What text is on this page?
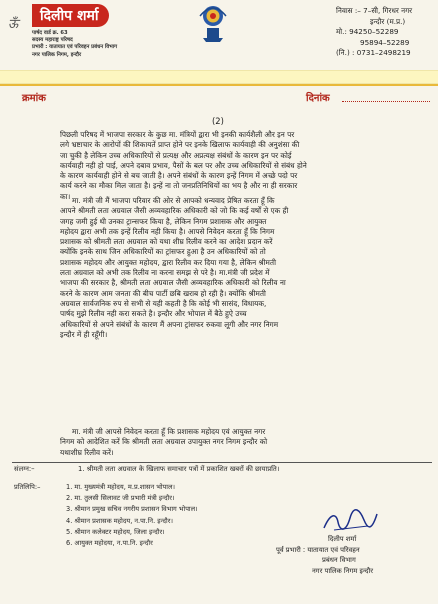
ऊँ
दिलीप शर्मा
पार्षद वार्ड क्र. 63
सदस्य महाराष्ट्र परिषद
प्रभारी : यातायात एवं परिवहन प्रबंधन विभाग
नगर पालिक निगम, इन्दौर
निवास :– 7–सी, गिरधर नगर
इन्दौर (म.प्र.)
मो.: 94250–52289
95894–52289
(नि.) : 0731–2498219
क्रमांक	दिनांक
(2)
पिछली परिषद में भाजपा सरकार के कुछ मा. मंत्रियों द्वारा भी इनकी कार्यशैली और इन पर
लगे भ्रष्टाचार के आरोपों की शिकायतें प्राप्त होने पर इनके खिलाफ कार्यवाही की अनुशंसा की
जा चुकी है लेकिन उच्च अधिकारियों से प्रत्यक्ष और अप्रत्यक्ष संबंधों के कारण इन पर कोई
कार्यवाही नही हो पाई, अपने दबाव प्रभाव, पैसों के बल पर और उच्च अधिकारियों से संबंध होने
के कारण कार्यवाही होने से बच जाती है। अपने संबंधों के कारण इन्हें निगम में अच्छे पदो पर
कार्य करने का मौका मिल जाता है। इन्हें ना तो जनप्रतिनिधियों का भय है और ना ही सरकार
का। मा. मंत्री जी मैं भाजपा परिवार की ओर से आपको धन्यवाद प्रेषित करता हूँ कि
आपने श्रीमती लता अग्रवाल जैसी अव्यवहारिक अधिकारी को जो कि कई वर्षों से एक ही
जगह जमी हुई थी उनका ट्रान्सफर किया है, लेकिन निगम प्रशासक और आयुक्त
महोदय द्वारा अभी तक इन्हें रिलीव नही किया है। आपसे निवेदन करता हूँ कि निगम
प्रशासक को श्रीमती लता अग्रवाल को यथा शीघ्र रिलीव करने का आदेश प्रदान करें
क्योंकि इनके साथ जिन अधिकारियों का ट्रांसफर हुआ है उन अधिकारियों को तो
प्रशासक महोदय और आयुक्त महोदय, द्वारा रिलीव कर दिया गया है, लेकिन श्रीमती
लता अग्रवाल को अभी तक रिलीव ना करना समझ से परे है। मा.मंत्री जी प्रदेश में
भाजपा की सरकार है, श्रीमती लता अग्रवाल जैसी अव्यवहारिक अधिकारी को रिलीव ना
करने के कारण आम जनता की बीच पार्टी छबि खराब हो रही है। क्योंकि श्रीमती
अग्रवाल सार्वजनिक रुप से सभी से यही कहती है कि कोई भी सासंद, विधायक,
पार्षद मुझे रिलीव नही करा सकते है। इन्दौर और भोपाल में बैठे हुऐ उच्च
अधिकारियों से अपने संबंधों के कारण मैं अपना ट्रांसफर रुकवा लूगी और नगर निगम
इन्दौर में ही रहूँगी।
मा. मंत्री जी आपसे निवेदन करता हूँ कि प्रशासक महोदय एवं आयुक्त नगर
निगम को आदेशित करें कि श्रीमती लता अग्रवाल उपायुक्त नगर निगम इन्दौर को
यथाशीघ्र रिलीव करें।
संलग्न:–	1. श्रीमती लता अग्रवाल के खिलाफ समाचार पत्रों में प्रकाशित खबरों की छायाप्रति।
प्रतिलिपि:–	1. मा. मुख्यमंत्री महोदय, म.प्र.शासन भोपाल।
2. मा. तुलसी सिलावट जी प्रभारी मंत्री इन्दौर।
3. श्रीमान प्रमुख सचिव नगरीय प्रशासन विभाग भोपाल।
4. श्रीमान प्रशासक महोदय, न.पा.नि. इन्दौर।
5. श्रीमान कलेक्टर महोदय, जिला इन्दौर।
6. आयुक्त महोदया, न.पा.नि. इन्दौर
दिलीप शर्मा
पूर्व प्रभारी : यातायात एवं परिवहन
प्रबंधन विभाग
नगर पालिक निगम इन्दौर
